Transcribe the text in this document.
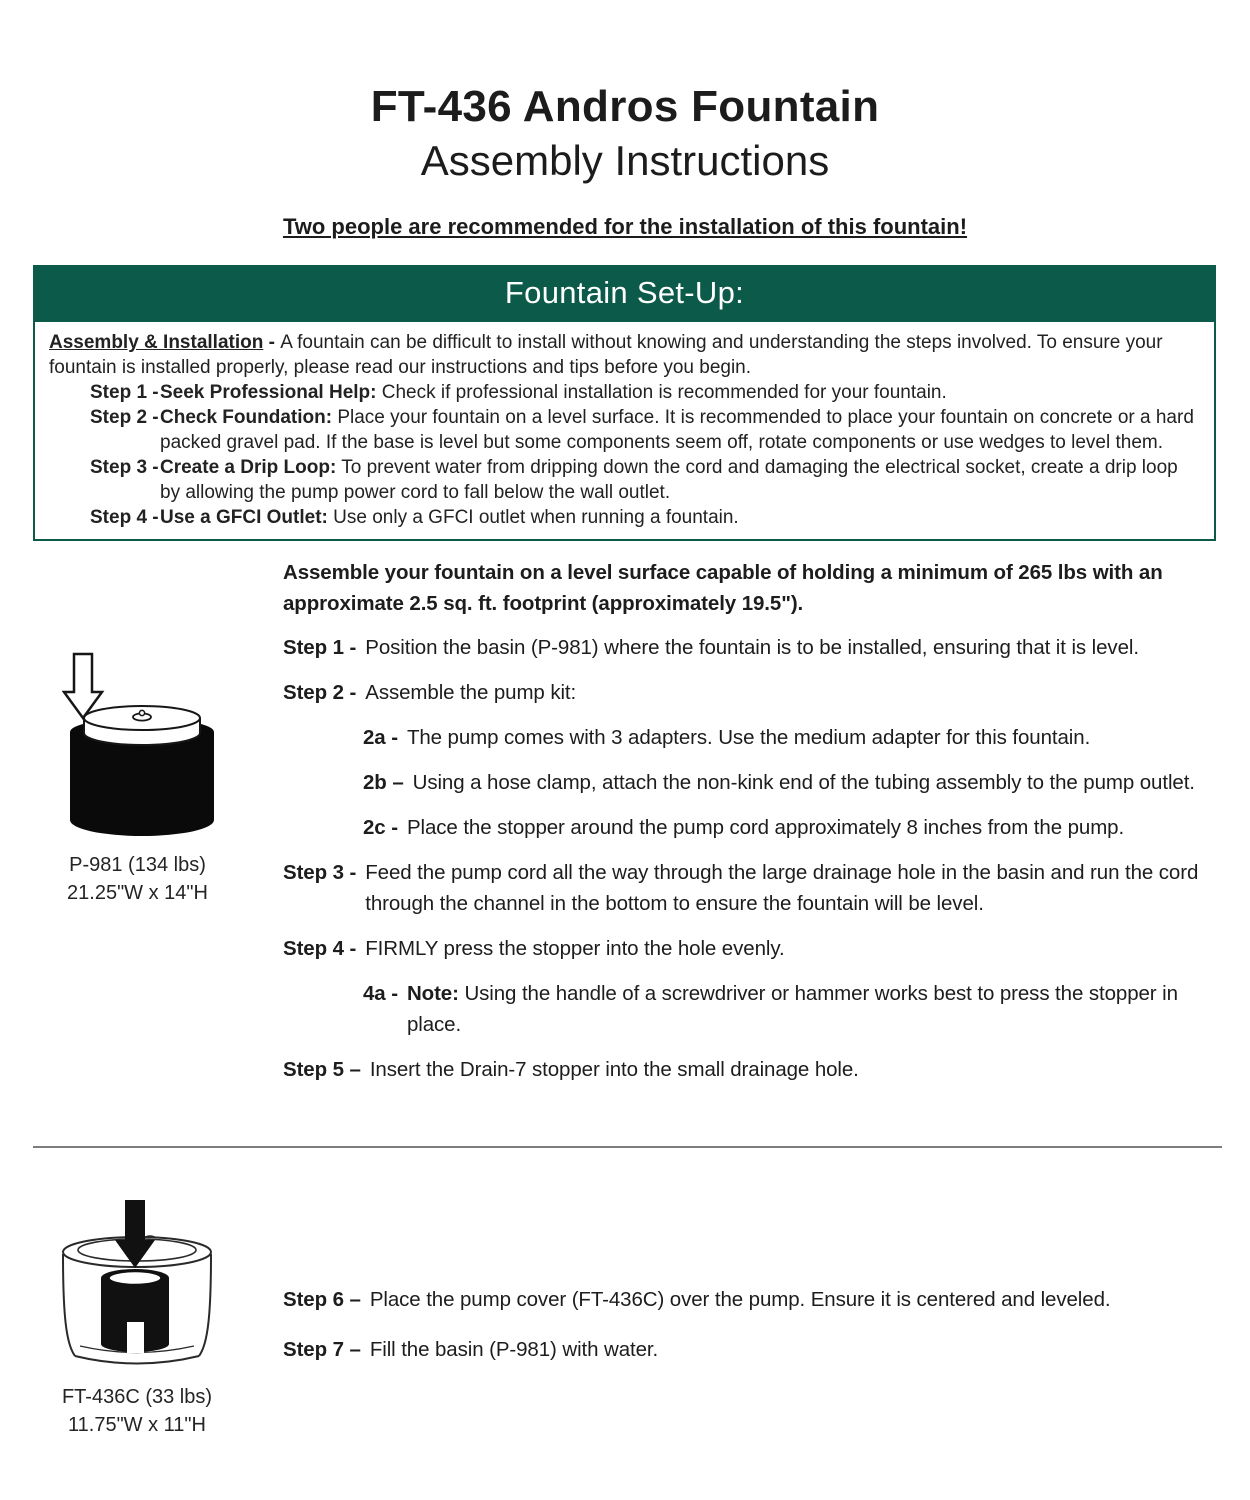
FT-436 Andros Fountain
Assembly Instructions
Two people are recommended for the installation of this fountain!
Fountain Set-Up:

Assembly & Installation - A fountain can be difficult to install without knowing and understanding the steps involved. To ensure your fountain is installed properly, please read our instructions and tips before you begin.

Step 1 - Seek Professional Help: Check if professional installation is recommended for your fountain.
Step 2 - Check Foundation: Place your fountain on a level surface. It is recommended to place your fountain on concrete or a hard packed gravel pad. If the base is level but some components seem off, rotate components or use wedges to level them.
Step 3 - Create a Drip Loop: To prevent water from dripping down the cord and damaging the electrical socket, create a drip loop by allowing the pump power cord to fall below the wall outlet.
Step 4 - Use a GFCI Outlet: Use only a GFCI outlet when running a fountain.

Assemble your fountain on a level surface capable of holding a minimum of 265 lbs with an approximate 2.5 sq. ft. footprint (approximately 19.5").

Step 1 - Position the basin (P-981) where the fountain is to be installed, ensuring that it is level.
Step 2 - Assemble the pump kit:
2a - The pump comes with 3 adapters. Use the medium adapter for this fountain.
2b – Using a hose clamp, attach the non-kink end of the tubing assembly to the pump outlet.
2c - Place the stopper around the pump cord approximately 8 inches from the pump.
Step 3 - Feed the pump cord all the way through the large drainage hole in the basin and run the cord through the channel in the bottom to ensure the fountain will be level.
Step 4 - FIRMLY press the stopper into the hole evenly.
4a - Note: Using the handle of a screwdriver or hammer works best to press the stopper in place.
Step 5 – Insert the Drain-7 stopper into the small drainage hole.
Step 6 – Place the pump cover (FT-436C) over the pump. Ensure it is centered and leveled.
Step 7 – Fill the basin (P-981) with water.
P-981 (134 lbs)
21.25"W x 14"H
FT-436C (33 lbs)
11.75"W x 11"H
